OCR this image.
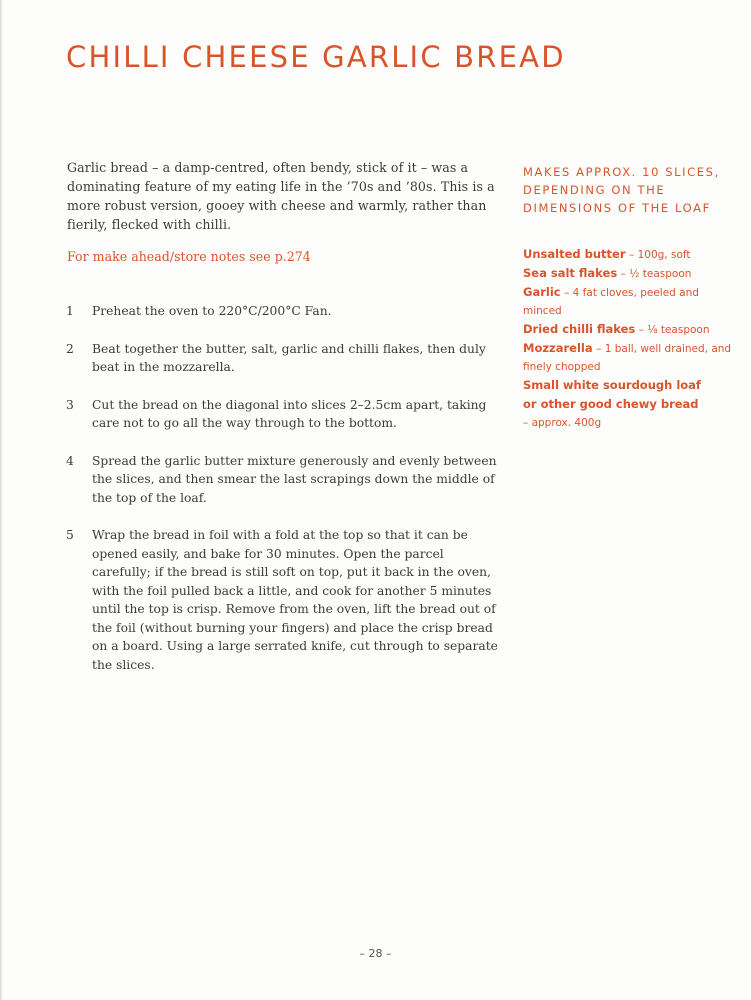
CHILLI CHEESE GARLIC BREAD

Garlic bread – a damp-centred, often bendy, stick of it – was a dominating feature of my eating life in the ’70s and ’80s. This is a more robust version, gooey with cheese and warmly, rather than fierily, flecked with chilli.

For make ahead/store notes see p.274

1	Preheat the oven to 220°C/200°C Fan.
2	Beat together the butter, salt, garlic and chilli flakes, then duly beat in the mozzarella.
3	Cut the bread on the diagonal into slices 2–2.5cm apart, taking care not to go all the way through to the bottom.
4	Spread the garlic butter mixture generously and evenly between the slices, and then smear the last scrapings down the middle of the top of the loaf.
5	Wrap the bread in foil with a fold at the top so that it can be opened easily, and bake for 30 minutes. Open the parcel carefully; if the bread is still soft on top, put it back in the oven, with the foil pulled back a little, and cook for another 5 minutes until the top is crisp. Remove from the oven, lift the bread out of the foil (without burning your fingers) and place the crisp bread on a board. Using a large serrated knife, cut through to separate the slices.

MAKES APPROX. 10 SLICES, DEPENDING ON THE DIMENSIONS OF THE LOAF

Unsalted butter – 100g, soft

Sea salt flakes – ½ teaspoon

Garlic – 4 fat cloves, peeled and minced

Dried chilli flakes – ⅛ teaspoon

Mozzarella – 1 ball, well drained, and finely chopped

Small white sourdough loaf or other good chewy bread – approx. 400g

– 28 –
